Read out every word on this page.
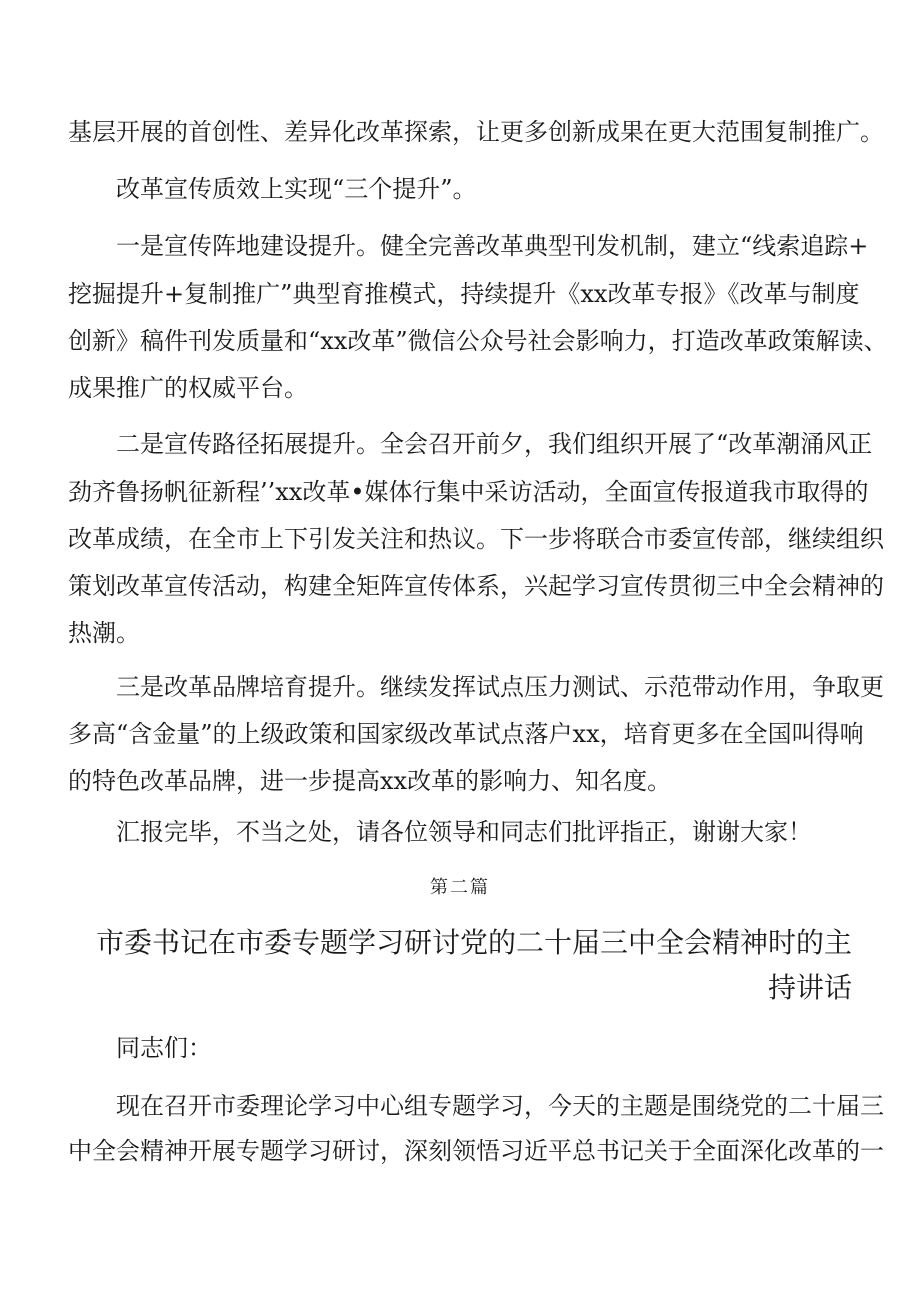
基层开展的首创性、差异化改革探索，让更多创新成果在更大范围复制推广。
改革宣传质效上实现“三个提升”。
一是宣传阵地建设提升。健全完善改革典型刊发机制，建立“线索追踪+
挖掘提升+复制推广”典型育推模式，持续提升《xx改革专报》《改革与制度
创新》稿件刊发质量和“xx改革”微信公众号社会影响力，打造改革政策解读、
成果推广的权威平台。
二是宣传路径拓展提升。全会召开前夕，我们组织开展了“改革潮涌风正
劲齐鲁扬帆征新程’’xx改革•媒体行集中采访活动，全面宣传报道我市取得的
改革成绩，在全市上下引发关注和热议。下一步将联合市委宣传部，继续组织
策划改革宣传活动，构建全矩阵宣传体系，兴起学习宣传贯彻三中全会精神的
热潮。
三是改革品牌培育提升。继续发挥试点压力测试、示范带动作用，争取更
多高“含金量”的上级政策和国家级改革试点落户xx，培育更多在全国叫得响
的特色改革品牌，进一步提高xx改革的影响力、知名度。
汇报完毕，不当之处，请各位领导和同志们批评指正，谢谢大家！
第二篇
市委书记在市委专题学习研讨党的二十届三中全会精神时的主
持讲话
同志们：
现在召开市委理论学习中心组专题学习，今天的主题是围绕党的二十届三
中全会精神开展专题学习研讨，深刻领悟习近平总书记关于全面深化改革的一
